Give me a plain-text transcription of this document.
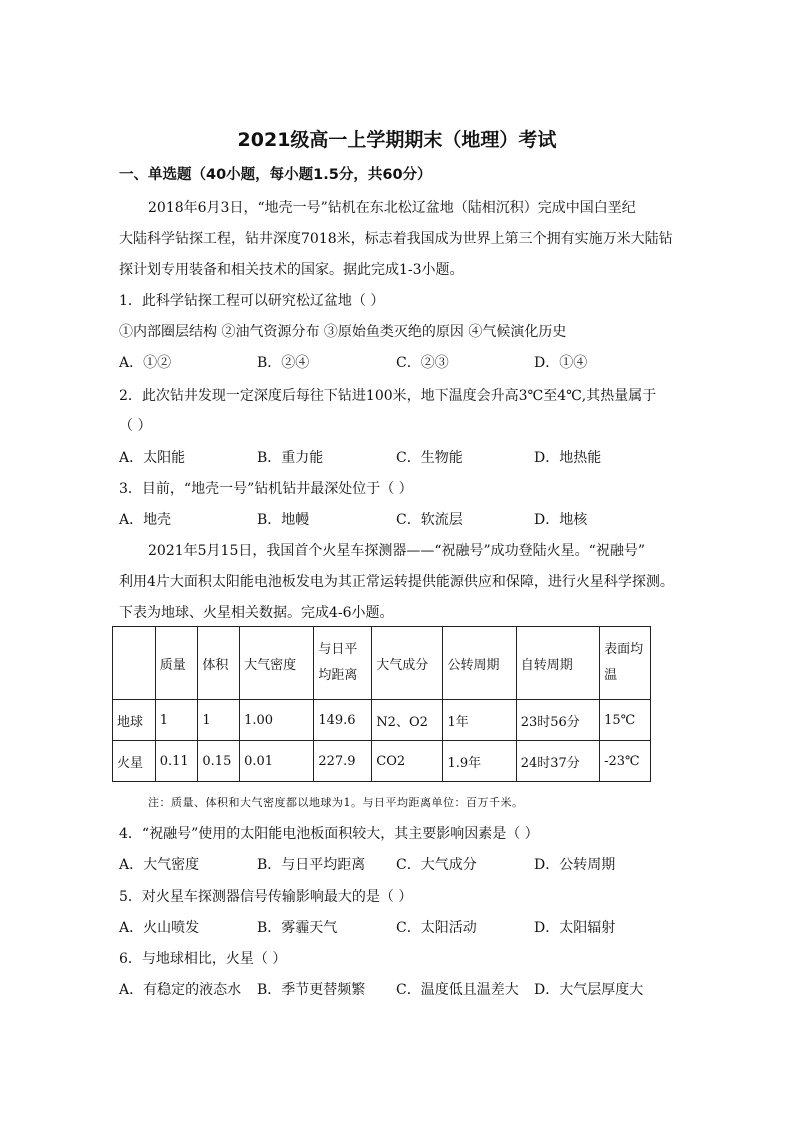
2021级高一上学期期末（地理）考试
一、单选题（40小题，每小题1.5分，共60分）
2018年6月3日，“地壳一号”钻机在东北松辽盆地（陆相沉积）完成中国白垩纪
大陆科学钻探工程，钻井深度7018米，标志着我国成为世界上第三个拥有实施万米大陆钻
探计划专用装备和相关技术的国家。据此完成1-3小题。
1．此科学钻探工程可以研究松辽盆地（ ）
①内部圈层结构 ②油气资源分布 ③原始鱼类灭绝的原因 ④气候演化历史
A．①②	B．②④	C．②③	D．①④
2．此次钻井发现一定深度后每往下钻进100米，地下温度会升高3℃至4℃,其热量属于
（ ）
A．太阳能	B．重力能	C．生物能	D．地热能
3．目前，“地壳一号”钻机钻井最深处位于（ ）
A．地壳	B．地幔	C．软流层	D．地核
2021年5月15日，我国首个火星车探测器——“祝融号”成功登陆火星。“祝融号”
利用4片大面积太阳能电池板发电为其正常运转提供能源供应和保障，进行火星科学探测。
下表为地球、火星相关数据。完成4-6小题。
	质量	体积	大气密度	与日平均距离	大气成分	公转周期	自转周期	表面均温
地球	1	1	1.00	149.6	N2、O2	1年	23时56分	15℃
火星	0.11	0.15	0.01	227.9	CO2	1.9年	24时37分	-23℃
注：质量、体积和大气密度都以地球为1。与日平均距离单位：百万千米。
4．“祝融号”使用的太阳能电池板面积较大，其主要影响因素是（ ）
A．大气密度	B．与日平均距离 C．大气成分	D．公转周期
5．对火星车探测器信号传输影响最大的是（ ）
A．火山喷发	B．雾霾天气	C．太阳活动	D．太阳辐射
6．与地球相比，火星（ ）
A．有稳定的液态水 B．季节更替频繁 C．温度低且温差大 D．大气层厚度大
